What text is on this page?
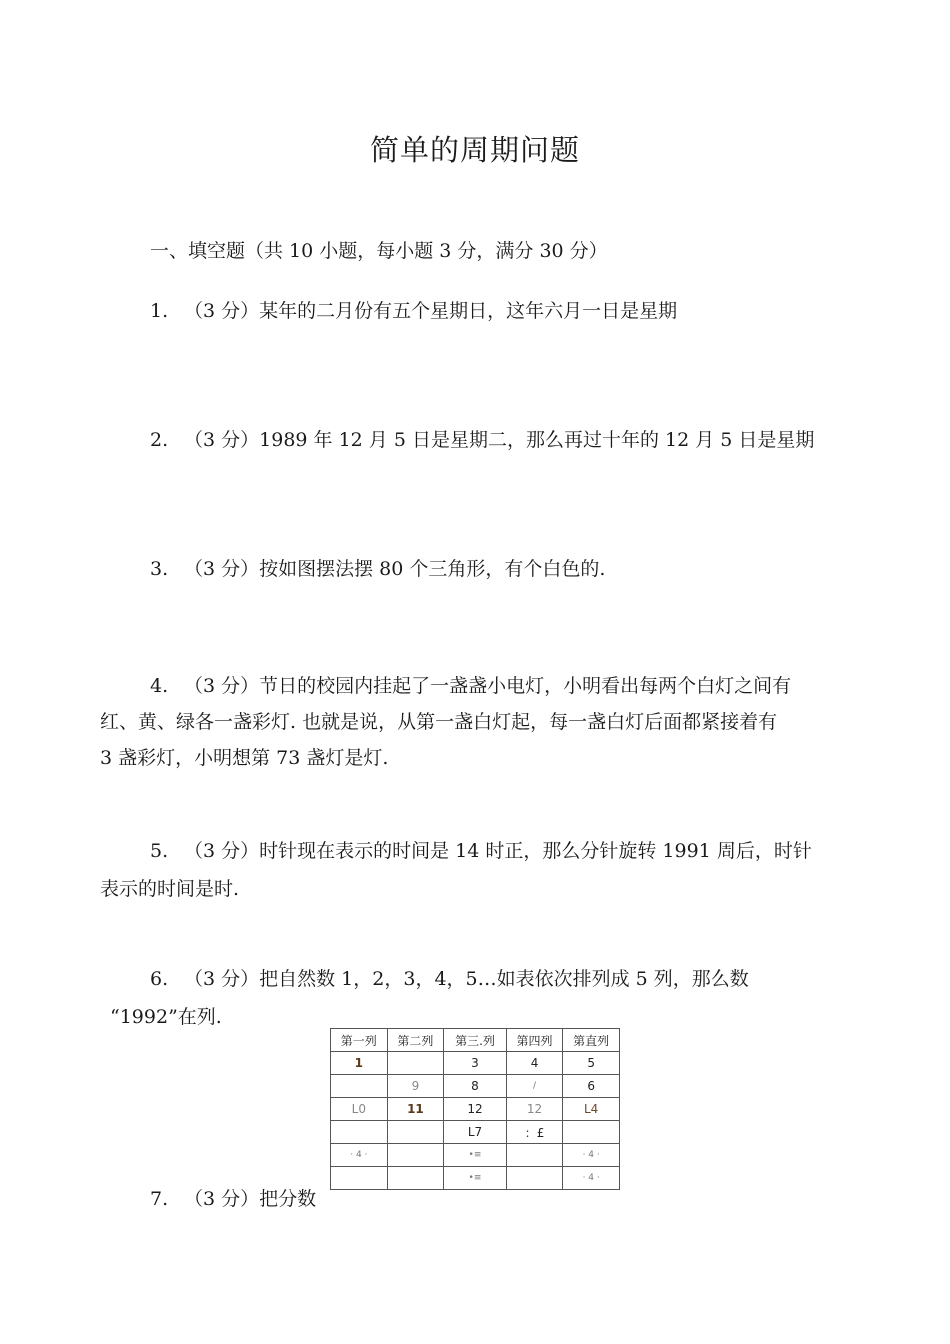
简单的周期问题
一、填空题（共 10 小题，每小题 3 分，满分 30 分）
1. （3 分）某年的二月份有五个星期日，这年六月一日是星期
2. （3 分）1989 年 12 月 5 日是星期二，那么再过十年的 12 月 5 日是星期
3. （3 分）按如图摆法摆 80 个三角形，有个白色的.
4. （3 分）节日的校园内挂起了一盏盏小电灯，小明看出每两个白灯之间有
红、黄、绿各一盏彩灯. 也就是说，从第一盏白灯起，每一盏白灯后面都紧接着有
3 盏彩灯，小明想第 73 盏灯是灯.
5. （3 分）时针现在表示的时间是 14 时正，那么分针旋转 1991 周后，时针
表示的时间是时.
6. （3 分）把自然数 1，2，3，4，5…如表依次排列成 5 列，那么数
“1992”在列.
第一列	第二列	第三.列	第四列	第直列
1		3	4	5
	9	8	/	6
L0	11	12	12	L4
		L7	：£	
· 4 ·		•≡		· 4 ·
		•≡		· 4 ·
7. （3 分）把分数
